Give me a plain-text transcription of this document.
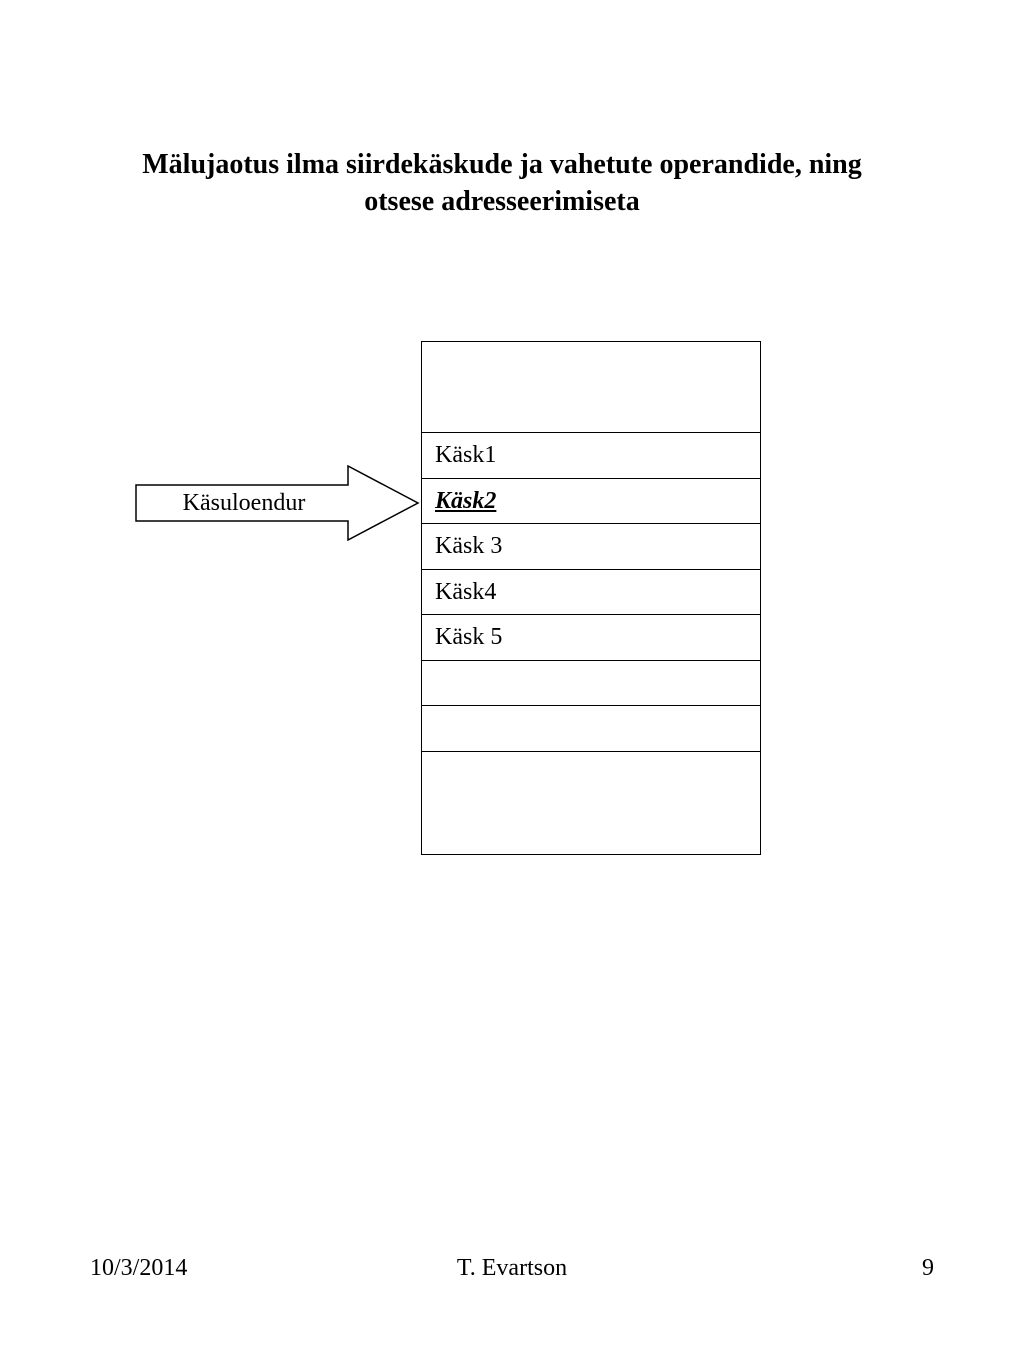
Mälujaotus ilma siirdekäskude ja vahetute operandide, ning
otsese adresseerimiseta
Käsuloendur
Käsk1
Käsk2
Käsk 3
Käsk4
Käsk 5
10/3/2014	T. Evartson	9
